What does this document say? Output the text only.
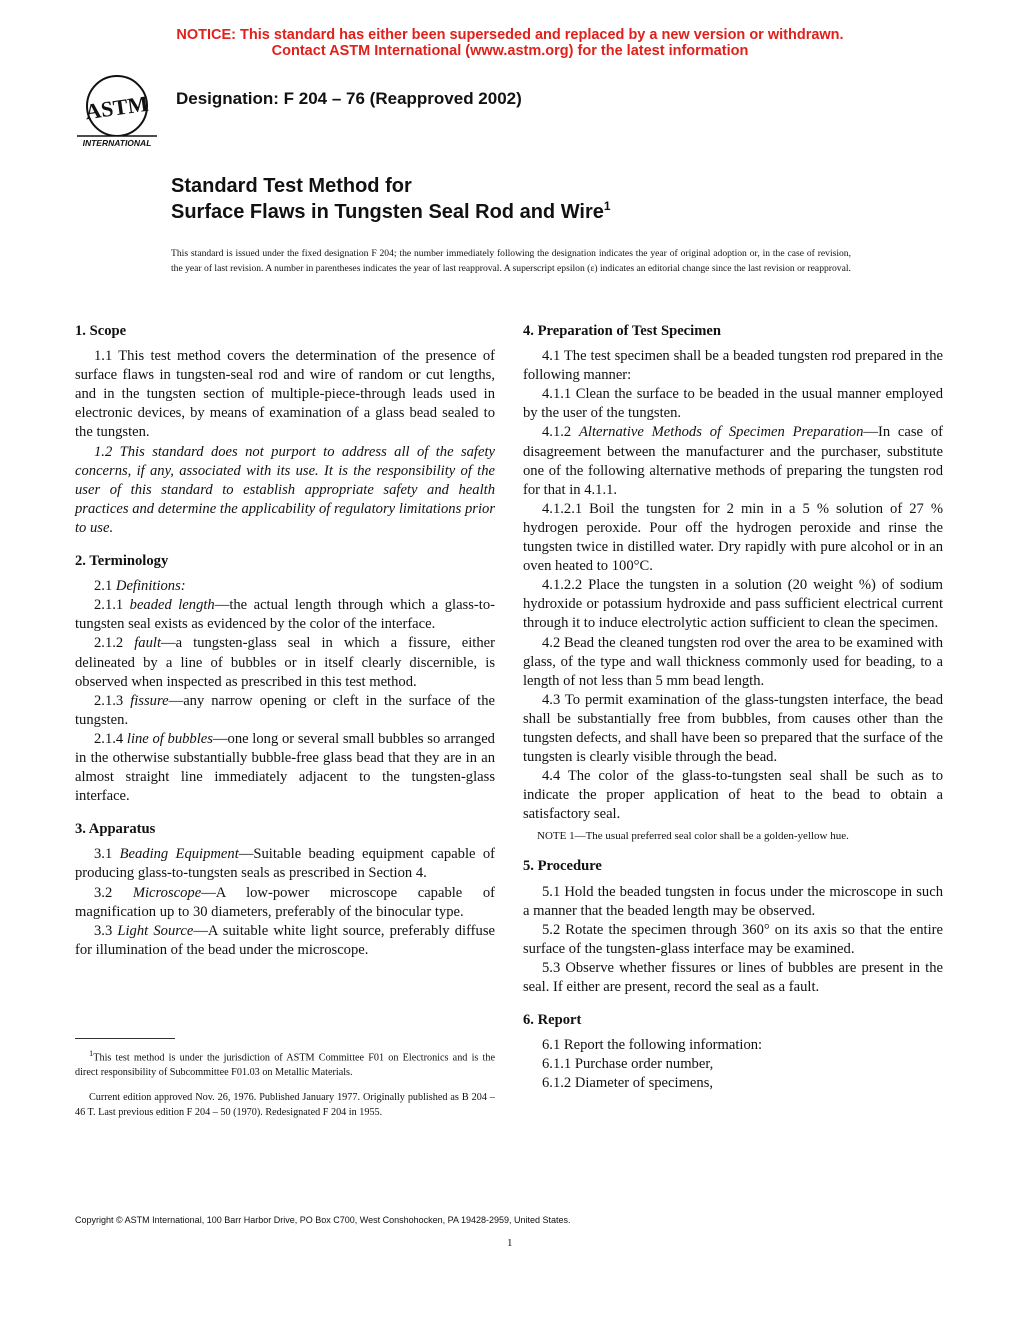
NOTICE: This standard has either been superseded and replaced by a new version or withdrawn.
Contact ASTM International (www.astm.org) for the latest information
ASTM
INTERNATIONAL
Designation: F 204 – 76 (Reapproved 2002)
Standard Test Method for
Surface Flaws in Tungsten Seal Rod and Wire$^1$
This standard is issued under the fixed designation F 204; the number immediately following the designation indicates the year of original adoption or, in the case of revision, the year of last revision. A number in parentheses indicates the year of last reapproval. A superscript epsilon (ε) indicates an editorial change since the last revision or reapproval.
1. Scope

1.1 This test method covers the determination of the presence of surface flaws in tungsten-seal rod and wire of random or cut lengths, and in the tungsten section of multiple-piece-through leads used in electronic devices, by means of examination of a glass bead sealed to the tungsten.

1.2 This standard does not purport to address all of the safety concerns, if any, associated with its use. It is the responsibility of the user of this standard to establish appropriate safety and health practices and determine the applicability of regulatory limitations prior to use.

2. Terminology

2.1 Definitions:

2.1.1 beaded length—the actual length through which a glass-to-tungsten seal exists as evidenced by the color of the interface.

2.1.2 fault—a tungsten-glass seal in which a fissure, either delineated by a line of bubbles or in itself clearly discernible, is observed when inspected as prescribed in this test method.

2.1.3 fissure—any narrow opening or cleft in the surface of the tungsten.

2.1.4 line of bubbles—one long or several small bubbles so arranged in the otherwise substantially bubble-free glass bead that they are in an almost straight line immediately adjacent to the tungsten-glass interface.

3. Apparatus

3.1 Beading Equipment—Suitable beading equipment capable of producing glass-to-tungsten seals as prescribed in Section 4.

3.2 Microscope—A low-power microscope capable of magnification up to 30 diameters, preferably of the binocular type.

3.3 Light Source—A suitable white light source, preferably diffuse for illumination of the bead under the microscope.

$^1$This test method is under the jurisdiction of ASTM Committee F01 on Electronics and is the direct responsibility of Subcommittee F01.03 on Metallic Materials.
Current edition approved Nov. 26, 1976. Published January 1977. Originally published as B 204 – 46 T. Last previous edition F 204 – 50 (1970). Redesignated F 204 in 1955.
4. Preparation of Test Specimen

4.1 The test specimen shall be a beaded tungsten rod prepared in the following manner:

4.1.1 Clean the surface to be beaded in the usual manner employed by the user of the tungsten.

4.1.2 Alternative Methods of Specimen Preparation—In case of disagreement between the manufacturer and the purchaser, substitute one of the following alternative methods of preparing the tungsten rod for that in 4.1.1.

4.1.2.1 Boil the tungsten for 2 min in a 5 % solution of 27 % hydrogen peroxide. Pour off the hydrogen peroxide and rinse the tungsten twice in distilled water. Dry rapidly with pure alcohol or in an oven heated to 100°C.

4.1.2.2 Place the tungsten in a solution (20 weight %) of sodium hydroxide or potassium hydroxide and pass sufficient electrical current through it to induce electrolytic action sufficient to clean the specimen.

4.2 Bead the cleaned tungsten rod over the area to be examined with glass, of the type and wall thickness commonly used for beading, to a length of not less than 5 mm bead length.

4.3 To permit examination of the glass-tungsten interface, the bead shall be substantially free from bubbles, from causes other than the tungsten defects, and shall have been so prepared that the surface of the tungsten is clearly visible through the bead.

4.4 The color of the glass-to-tungsten seal shall be such as to indicate the proper application of heat to the bead to obtain a satisfactory seal.

NOTE 1—The usual preferred seal color shall be a golden-yellow hue.

5. Procedure

5.1 Hold the beaded tungsten in focus under the microscope in such a manner that the beaded length may be observed.

5.2 Rotate the specimen through 360° on its axis so that the entire surface of the tungsten-glass interface may be examined.

5.3 Observe whether fissures or lines of bubbles are present in the seal. If either are present, record the seal as a fault.

6. Report

6.1 Report the following information:

6.1.1 Purchase order number,

6.1.2 Diameter of specimens,

Copyright © ASTM International, 100 Barr Harbor Drive, PO Box C700, West Conshohocken, PA 19428-2959, United States.
1
